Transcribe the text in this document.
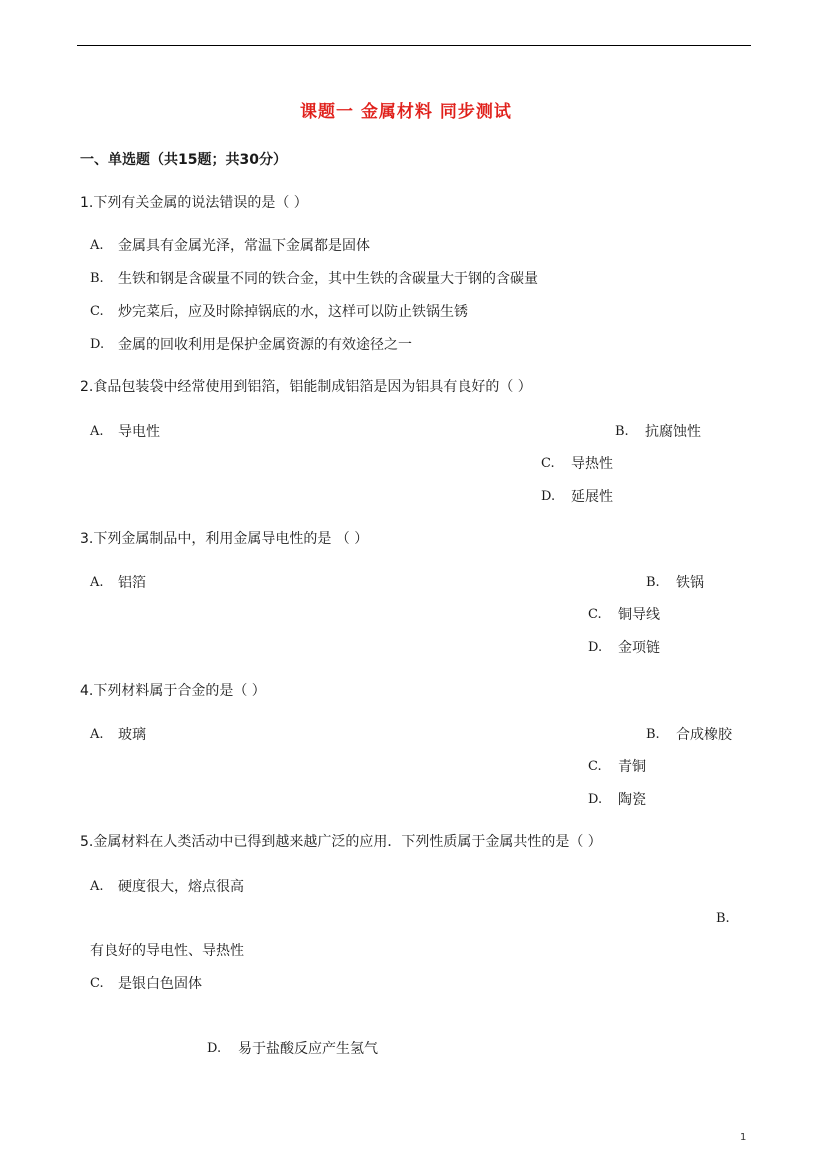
课题一 金属材料 同步测试
一、单选题（共15题；共30分）
1.下列有关金属的说法错误的是（ ）
A. 金属具有金属光泽，常温下金属都是固体
B. 生铁和钢是含碳量不同的铁合金，其中生铁的含碳量大于钢的含碳量
C. 炒完菜后，应及时除掉锅底的水，这样可以防止铁锅生锈
D. 金属的回收利用是保护金属资源的有效途径之一
2.食品包装袋中经常使用到铝箔，铝能制成铝箔是因为铝具有良好的（ ）
A. 导电性	B. 抗腐蚀性
C. 导热性
D. 延展性
3.下列金属制品中，利用金属导电性的是 （ ）
A. 铝箔	B. 铁锅
C. 铜导线
D. 金项链
4.下列材料属于合金的是（ ）
A. 玻璃	B. 合成橡胶
C. 青铜
D. 陶瓷
5.金属材料在人类活动中已得到越来越广泛的应用．下列性质属于金属共性的是（ ）
A. 硬度很大，熔点很高
B.
有良好的导电性、导热性
C. 是银白色固体
D. 易于盐酸反应产生氢气
1
